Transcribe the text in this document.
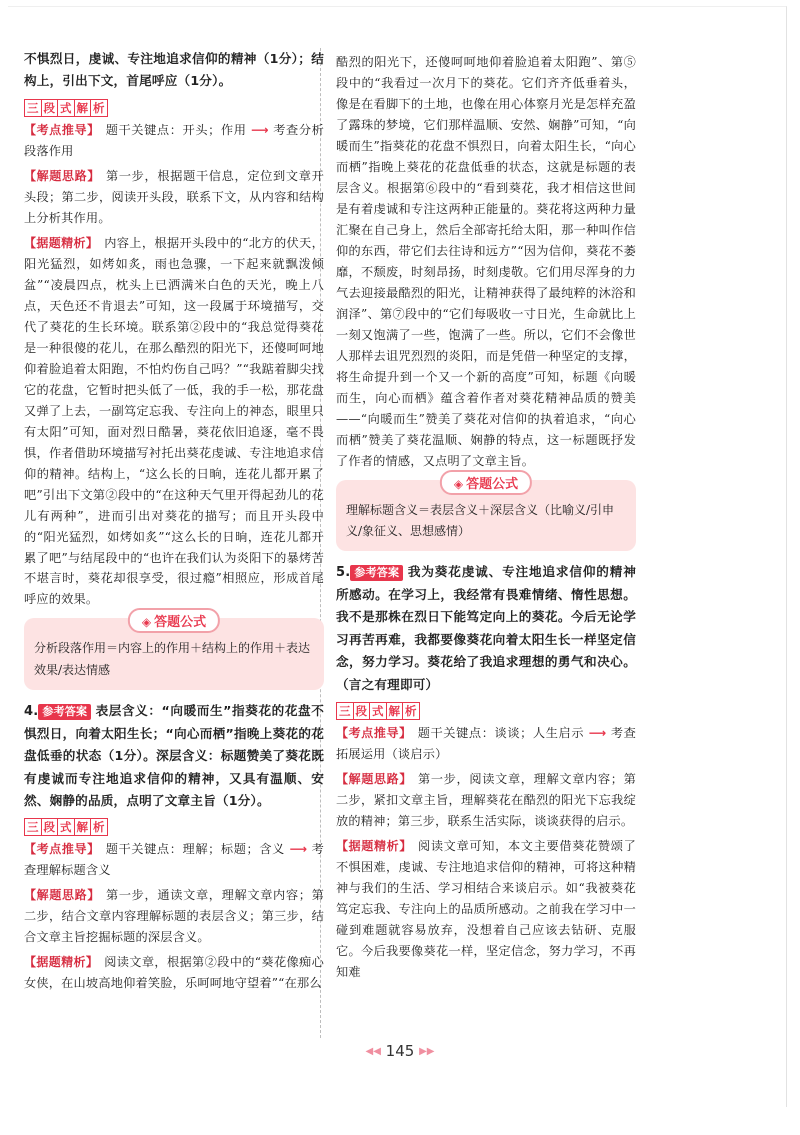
不惧烈日，虔诚、专注地追求信仰的精神（1分）；结构上，引出下文，首尾呼应（1分）。

三 段 式 解 析

【考点推导】 题干关键点：开头；作用 ⟶ 考查分析段落作用

【解题思路】 第一步，根据题干信息，定位到文章开头段；第二步，阅读开头段，联系下文，从内容和结构上分析其作用。

【据题精析】 内容上，根据开头段中的“北方的伏天，阳光猛烈，如烤如炙，雨也急骤，一下起来就飘泼倾盆”“凌晨四点，枕头上已洒满米白色的天光，晚上八点，天色还不肯退去”可知，这一段属于环境描写，交代了葵花的生长环境。联系第②段中的“我总觉得葵花是一种很傻的花儿，在那么酷烈的阳光下，还傻呵呵地仰着脸追着太阳跑，不怕灼伤自己吗？”“我踮着脚尖找它的花盘，它暂时把头低了一低，我的手一松，那花盘又弹了上去，一副笃定忘我、专注向上的神态，眼里只有太阳”可知，面对烈日酷暑，葵花依旧追逐，毫不畏惧，作者借助环境描写衬托出葵花虔诚、专注地追求信仰的精神。结构上，“这么长的日晌，连花儿都开累了吧”引出下文第②段中的“在这种天气里开得起劲儿的花儿有两种”，进而引出对葵花的描写；而且开头段中的“阳光猛烈，如烤如炙”“这么长的日晌，连花儿都开累了吧”与结尾段中的“也许在我们认为炎阳下的暴烤苦不堪言时，葵花却很享受，很过瘾”相照应，形成首尾呼应的效果。

◈ 答题公式
分析段落作用＝内容上的作用＋结构上的作用＋表达效果/表达情感

4. 参考答案 表层含义：“向暖而生”指葵花的花盘不惧烈日，向着太阳生长；“向心而栖”指晚上葵花的花盘低垂的状态（1分）。深层含义：标题赞美了葵花既有虔诚而专注地追求信仰的精神，又具有温顺、安然、娴静的品质，点明了文章主旨（1分）。

三 段 式 解 析

【考点推导】 题干关键点：理解；标题；含义 ⟶ 考查理解标题含义

【解题思路】 第一步，通读文章，理解文章内容；第二步，结合文章内容理解标题的表层含义；第三步，结合文章主旨挖掘标题的深层含义。

【据题精析】 阅读文章，根据第②段中的“葵花像痴心女侠，在山坡高地仰着笑脸，乐呵呵地守望着”“在那么

酷烈的阳光下，还傻呵呵地仰着脸追着太阳跑”、第⑤段中的“我看过一次月下的葵花。它们齐齐低垂着头，像是在看脚下的土地，也像在用心体察月光是怎样充盈了露珠的梦境，它们那样温顺、安然、娴静”可知，“向暖而生”指葵花的花盘不惧烈日，向着太阳生长，“向心而栖”指晚上葵花的花盘低垂的状态，这就是标题的表层含义。根据第⑥段中的“看到葵花，我才相信这世间是有着虔诚和专注这两种正能量的。葵花将这两种力量汇聚在自己身上，然后全部寄托给太阳，那一种叫作信仰的东西，带它们去往诗和远方”“因为信仰，葵花不萎靡，不颓废，时刻昂扬，时刻虔敬。它们用尽浑身的力气去迎接最酷烈的阳光，让精神获得了最纯粹的沐浴和润泽”、第⑦段中的“它们每吸收一寸日光，生命就比上一刻又饱满了一些，饱满了一些。所以，它们不会像世人那样去诅咒烈烈的炎阳，而是凭借一种坚定的支撑，将生命提升到一个又一个新的高度”可知，标题《向暖而生，向心而栖》蕴含着作者对葵花精神品质的赞美——“向暖而生”赞美了葵花对信仰的执着追求，“向心而栖”赞美了葵花温顺、娴静的特点，这一标题既抒发了作者的情感，又点明了文章主旨。

◈ 答题公式
理解标题含义＝表层含义＋深层含义（比喻义/引申义/象征义、思想感情）

5. 参考答案 我为葵花虔诚、专注地追求信仰的精神所感动。在学习上，我经常有畏难情绪、惰性思想。我不是那株在烈日下能笃定向上的葵花。今后无论学习再苦再难，我都要像葵花向着太阳生长一样坚定信念，努力学习。葵花给了我追求理想的勇气和决心。（言之有理即可）

三 段 式 解 析

【考点推导】 题干关键点：谈谈；人生启示 ⟶ 考查拓展运用（谈启示）

【解题思路】 第一步，阅读文章，理解文章内容；第二步，紧扣文章主旨，理解葵花在酷烈的阳光下忘我绽放的精神；第三步，联系生活实际，谈谈获得的启示。

【据题精析】 阅读文章可知，本文主要借葵花赞颂了不惧困难，虔诚、专注地追求信仰的精神，可将这种精神与我们的生活、学习相结合来谈启示。如“我被葵花笃定忘我、专注向上的品质所感动。之前我在学习中一碰到难题就容易放弃，没想着自己应该去钻研、克服它。今后我要像葵花一样，坚定信念，努力学习，不再知难

◀◀ 145 ▶▶
